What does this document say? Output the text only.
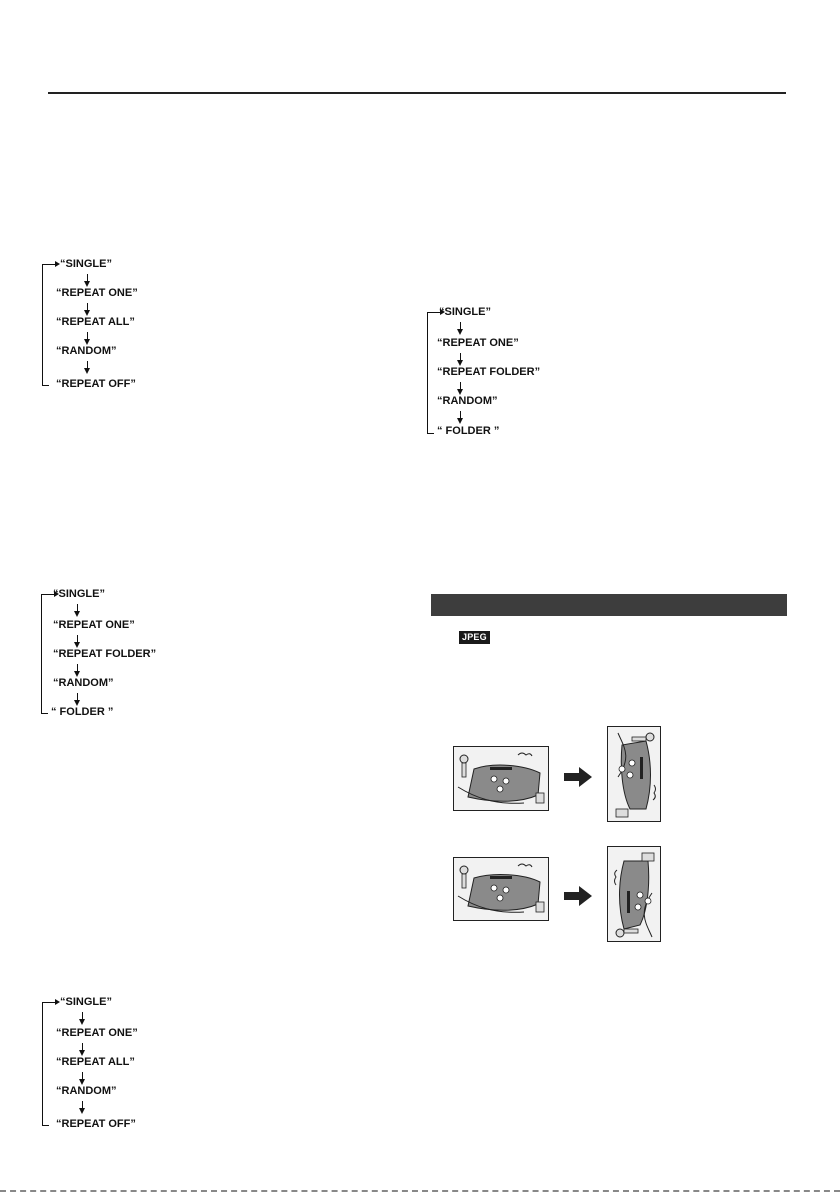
“SINGLE”
“REPEAT ONE”
“REPEAT ALL”
“RANDOM”
“REPEAT OFF”
“SINGLE”
“REPEAT ONE”
“REPEAT FOLDER”
“RANDOM”
“ FOLDER ”
“SINGLE”
“REPEAT ONE”
“REPEAT FOLDER”
“RANDOM”
“ FOLDER ”
“SINGLE”
“REPEAT ONE”
“REPEAT ALL”
“RANDOM”
“REPEAT OFF”
JPEG
